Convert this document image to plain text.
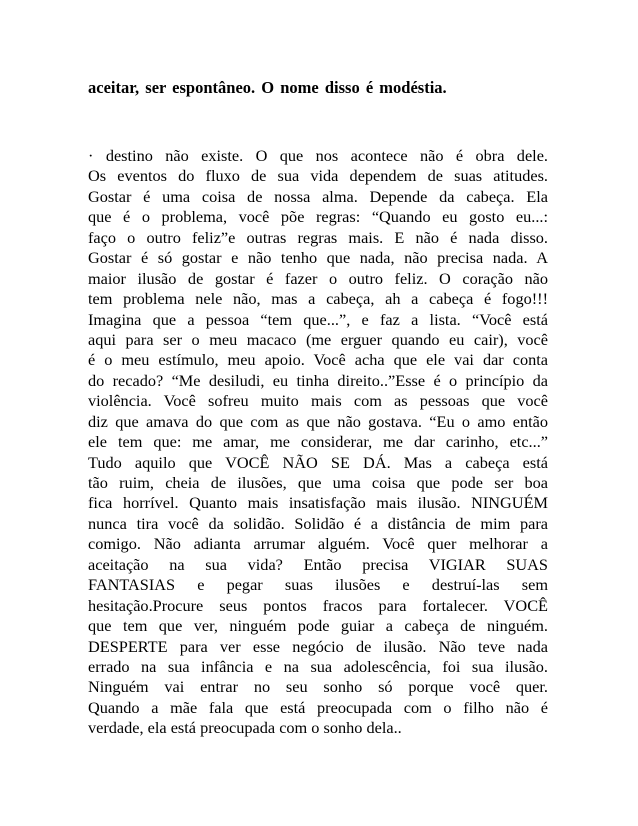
aceitar, ser espontâneo. O nome disso é modéstia.
· destino não existe. O que nos acontece não é obra dele.
Os eventos do fluxo de sua vida dependem de suas atitudes.
Gostar é uma coisa de nossa alma. Depende da cabeça. Ela
que é o problema, você põe regras: “Quando eu gosto eu...:
faço o outro feliz”e outras regras mais. E não é nada disso.
Gostar é só gostar e não tenho que nada, não precisa nada. A
maior ilusão de gostar é fazer o outro feliz. O coração não
tem problema nele não, mas a cabeça, ah a cabeça é fogo!!!
Imagina que a pessoa “tem que...”, e faz a lista. “Você está
aqui para ser o meu macaco (me erguer quando eu cair), você
é o meu estímulo, meu apoio. Você acha que ele vai dar conta
do recado? “Me desiludi, eu tinha direito..”Esse é o princípio da
violência. Você sofreu muito mais com as pessoas que você
diz que amava do que com as que não gostava. “Eu o amo então
ele tem que: me amar, me considerar, me dar carinho, etc...”
Tudo aquilo que VOCÊ NÃO SE DÁ. Mas a cabeça está
tão ruim, cheia de ilusões, que uma coisa que pode ser boa
fica horrível. Quanto mais insatisfação mais ilusão. NINGUÉM
nunca tira você da solidão. Solidão é a distância de mim para
comigo. Não adianta arrumar alguém. Você quer melhorar a
aceitação na sua vida? Então precisa VIGIAR SUAS
FANTASIAS e pegar suas ilusões e destruí-las sem
hesitação.Procure seus pontos fracos para fortalecer. VOCÊ
que tem que ver, ninguém pode guiar a cabeça de ninguém.
DESPERTE para ver esse negócio de ilusão. Não teve nada
errado na sua infância e na sua adolescência, foi sua ilusão.
Ninguém vai entrar no seu sonho só porque você quer.
Quando a mãe fala que está preocupada com o filho não é
verdade, ela está preocupada com o sonho dela..
